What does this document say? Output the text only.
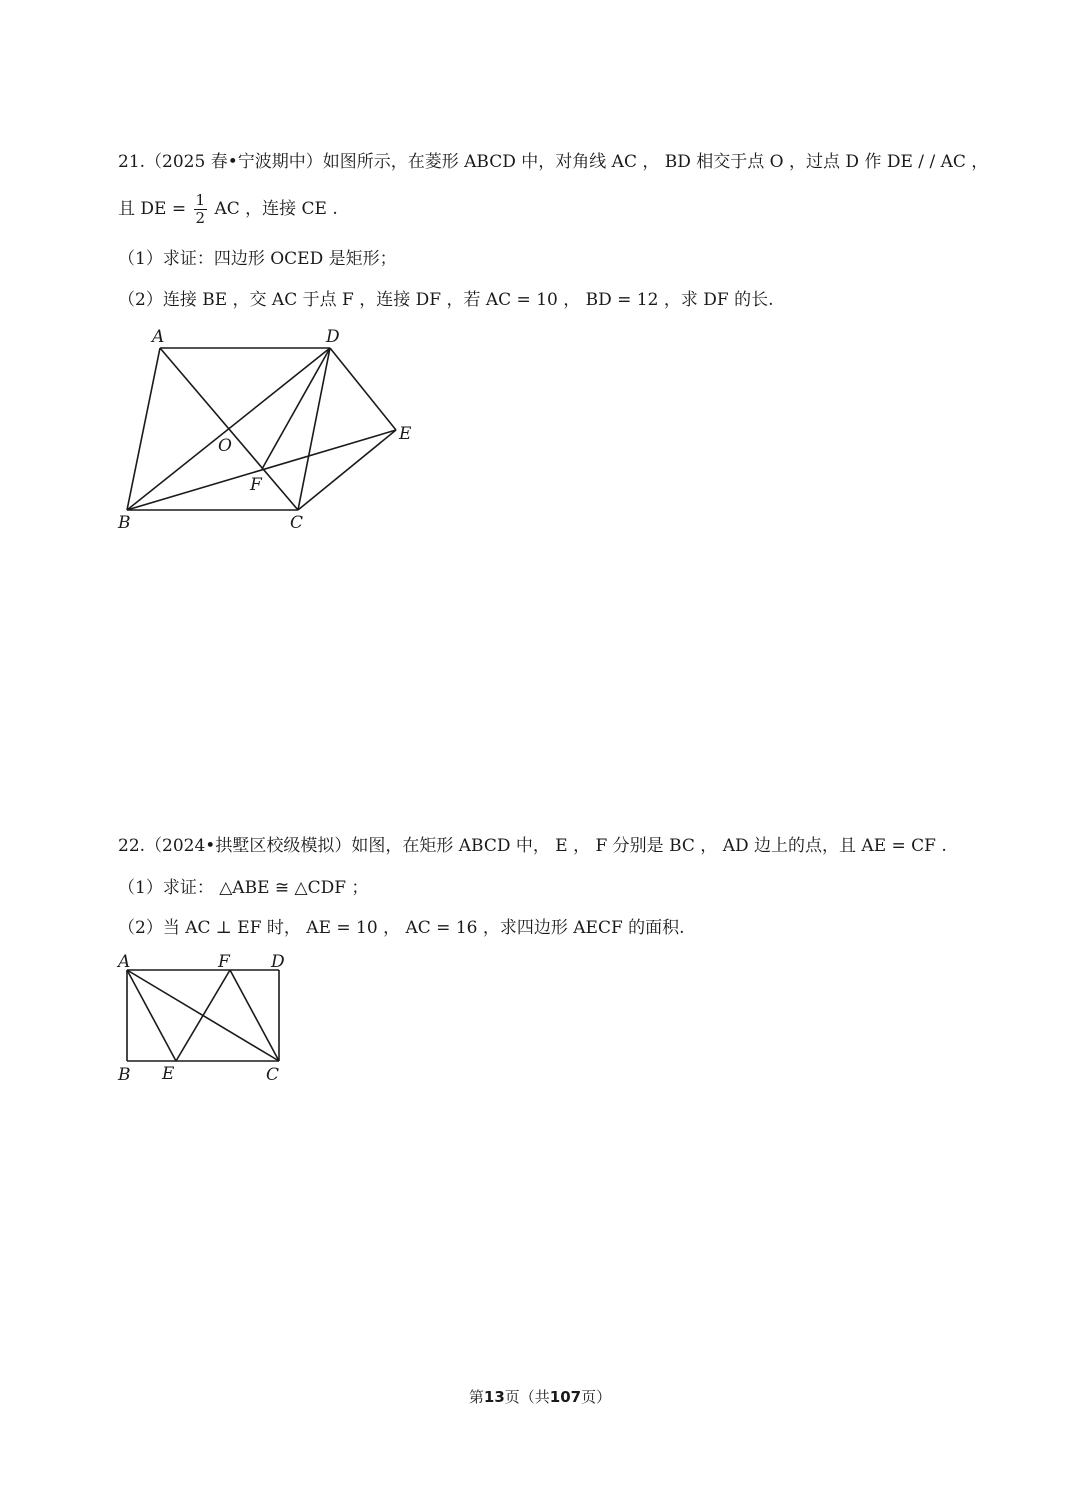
21.（2025 春•宁波期中）如图所示，在菱形 ABCD 中，对角线 AC ， BD 相交于点 O ，过点 D 作 DE / / AC ，
且 DE = $\frac{1}{2}$ AC ，连接 CE .
（1）求证：四边形 OCED 是矩形；
（2）连接 BE ，交 AC 于点 F ，连接 DF ，若 AC = 10 ， BD = 12 ，求 DF 的长.
A	D
E
O
F
B	C
22.（2024•拱墅区校级模拟）如图，在矩形 ABCD 中， E ， F 分别是 BC ， AD 边上的点，且 AE = CF .
（1）求证： △ABE ≅ △CDF ；
（2）当 AC ⊥ EF 时， AE = 10 ， AC = 16 ，求四边形 AECF 的面积.
A	F D
B E	C
第13页（共107页）
